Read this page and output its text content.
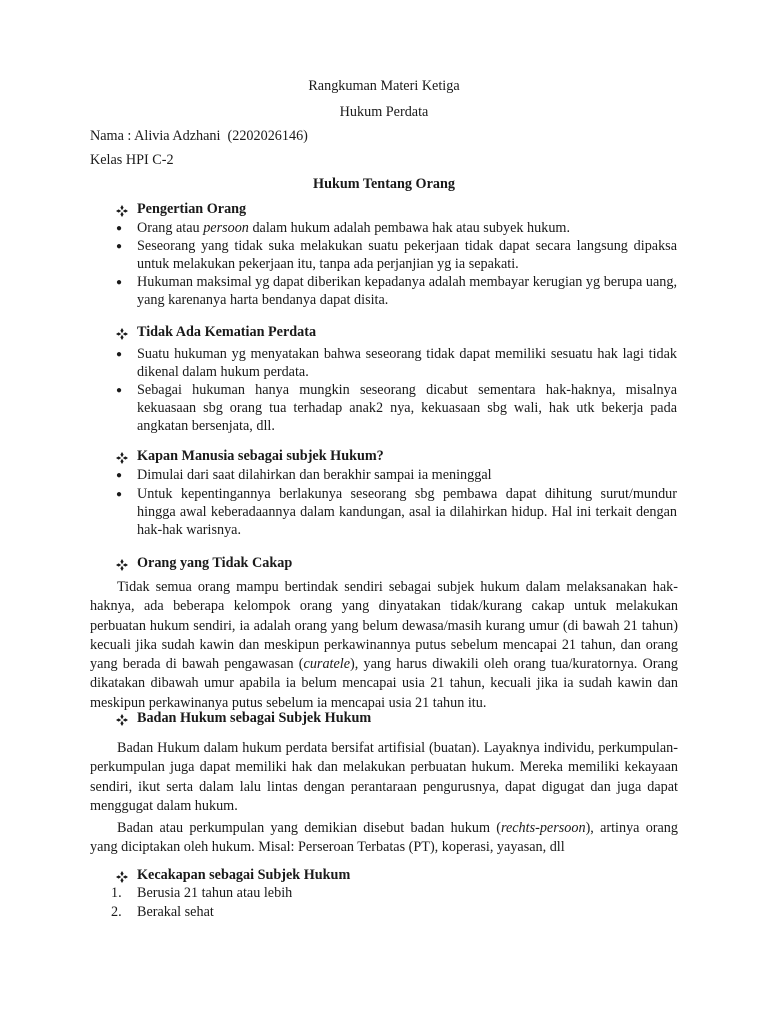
Rangkuman Materi Ketiga
Hukum Perdata
Nama : Alivia Adzhani  (2202026146)
Kelas HPI C-2
Hukum Tentang Orang
Pengertian Orang
● Orang atau persoon dalam hukum adalah pembawa hak atau subyek hukum.
● Seseorang yang tidak suka melakukan suatu pekerjaan tidak dapat secara langsung dipaksa untuk melakukan pekerjaan itu, tanpa ada perjanjian yg ia sepakati.
● Hukuman maksimal yg dapat diberikan kepadanya adalah membayar kerugian yg berupa uang, yang karenanya harta bendanya dapat disita.
Tidak Ada Kematian Perdata
● Suatu hukuman yg menyatakan bahwa seseorang tidak dapat memiliki sesuatu hak lagi tidak dikenal dalam hukum perdata.
● Sebagai hukuman hanya mungkin seseorang dicabut sementara hak-haknya, misalnya kekuasaan sbg orang tua terhadap anak2 nya, kekuasaan sbg wali, hak utk bekerja pada angkatan bersenjata, dll.
Kapan Manusia sebagai subjek Hukum?
● Dimulai dari saat dilahirkan dan berakhir sampai ia meninggal
● Untuk kepentingannya berlakunya seseorang sbg pembawa dapat dihitung surut/mundur hingga awal keberadaannya dalam kandungan, asal ia dilahirkan hidup. Hal ini terkait dengan hak-hak warisnya.
Orang yang Tidak Cakap
Tidak semua orang mampu bertindak sendiri sebagai subjek hukum dalam melaksanakan hak-haknya, ada beberapa kelompok orang yang dinyatakan tidak/kurang cakap untuk melakukan perbuatan hukum sendiri, ia adalah orang yang belum dewasa/masih kurang umur (di bawah 21 tahun) kecuali jika sudah kawin dan meskipun perkawinannya putus sebelum mencapai 21 tahun, dan orang yang berada di bawah pengawasan (curatele), yang harus diwakili oleh orang tua/kuratornya. Orang dikatakan dibawah umur apabila ia belum mencapai usia 21 tahun, kecuali jika ia sudah kawin dan meskipun perkawinanya putus sebelum ia mencapai usia 21 tahun itu.
Badan Hukum sebagai Subjek Hukum
Badan Hukum dalam hukum perdata bersifat artifisial (buatan). Layaknya individu, perkumpulan-perkumpulan juga dapat memiliki hak dan melakukan perbuatan hukum. Mereka memiliki kekayaan sendiri, ikut serta dalam lalu lintas dengan perantaraan pengurusnya, dapat digugat dan juga dapat menggugat dalam hukum.
Badan atau perkumpulan yang demikian disebut badan hukum (rechts-persoon), artinya orang yang diciptakan oleh hukum. Misal: Perseroan Terbatas (PT), koperasi, yayasan, dll
Kecakapan sebagai Subjek Hukum
1. Berusia 21 tahun atau lebih
2. Berakal sehat
